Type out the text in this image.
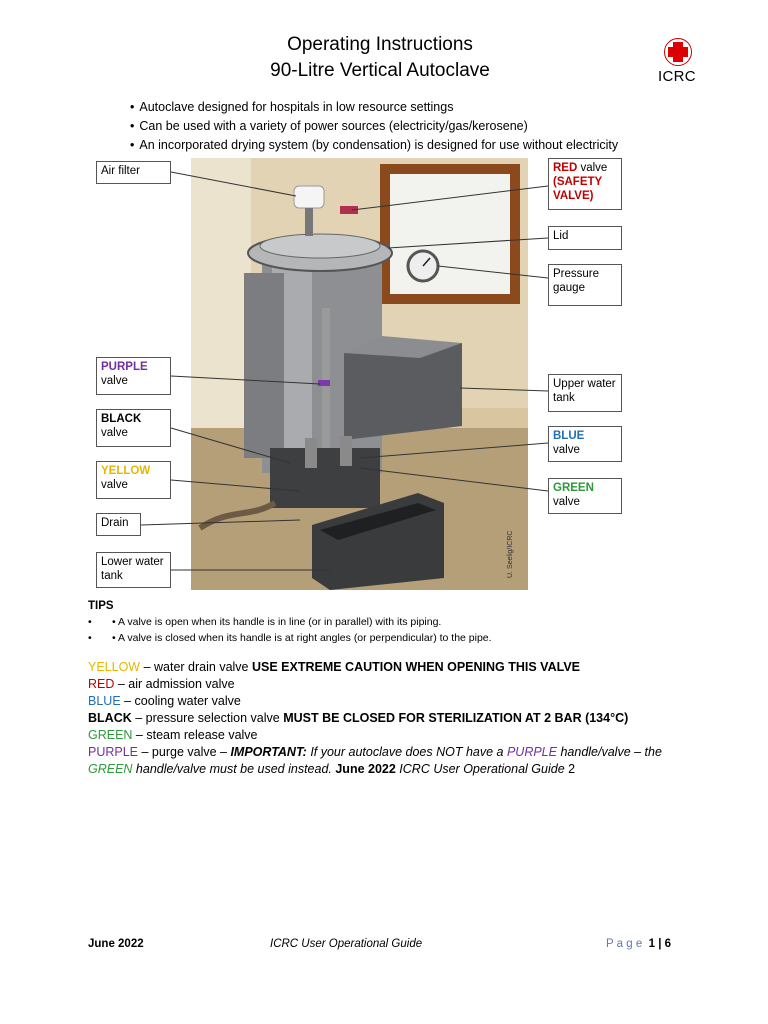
Operating Instructions
90-Litre Vertical Autoclave	ICRC
• Autoclave designed for hospitals in low resource settings
• Can be used with a variety of power sources (electricity/gas/kerosene)
• An incorporated drying system (by condensation) is designed for use without electricity
U. Seelig/ICRC
Air filter	RED valve
(SAFETY VALVE)
Lid
Pressure gauge
PURPLE
valve	Upper water tank
BLACK
valve	BLUE
valve
YELLOW
valve	GREEN
valve
Drain
Lower water tank
TIPS
• • A valve is open when its handle is in line (or in parallel) with its piping.
• • A valve is closed when its handle is at right angles (or perpendicular) to the pipe.
YELLOW – water drain valve USE EXTREME CAUTION WHEN OPENING THIS VALVE
RED – air admission valve
BLUE – cooling water valve
BLACK – pressure selection valve MUST BE CLOSED FOR STERILIZATION AT 2 BAR (134°C)
GREEN – steam release valve
PURPLE – purge valve – IMPORTANT: If your autoclave does NOT have a PURPLE handle/valve – the
GREEN handle/valve must be used instead. June 2022 ICRC User Operational Guide 2
June 2022	ICRC User Operational Guide	P a g e 1 | 6
